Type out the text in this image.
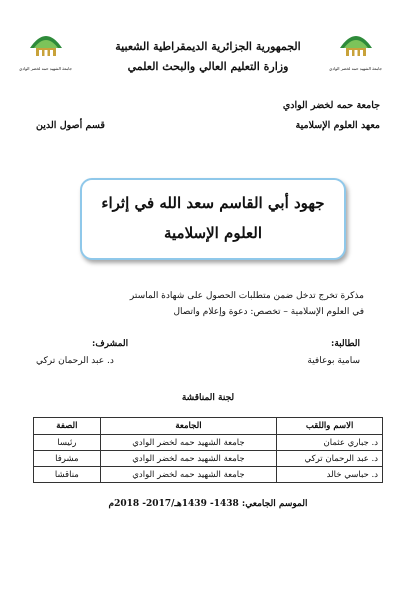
جامعة الشهيد حمه لخضر الوادي	جامعة الشهيد حمه لخضر الوادي
الجمهورية الجزائرية الديمقراطية الشعبية
وزارة التعليم العالي والبحث العلمي
جامعة حمه لخضر الوادي
معهد العلوم الإسلامية
قسم أصول الدين
جهود أبي القاسم سعد الله في إثراء
العلوم الإسلامية
مذكرة تخرج تدخل ضمن متطلبات الحصول على شهادة الماستر
في العلوم الإسلامية – تخصص: دعوة وإعلام واتصال
الطالبة:
سامية بوعافية
المشرف:
د. عبد الرحمان تركي
لجنة المناقشة
الاسم واللقب	الجامعة	الصفة
د. جباري عثمان	جامعة الشهيد حمه لخضر الوادي	رئيسا
د. عبد الرحمان تركي	جامعة الشهيد حمه لخضر الوادي	مشرفا
د. حباسي خالد	جامعة الشهيد حمه لخضر الوادي	مناقشا
الموسم الجامعي: 1438- 1439هـ/2017- 2018م
